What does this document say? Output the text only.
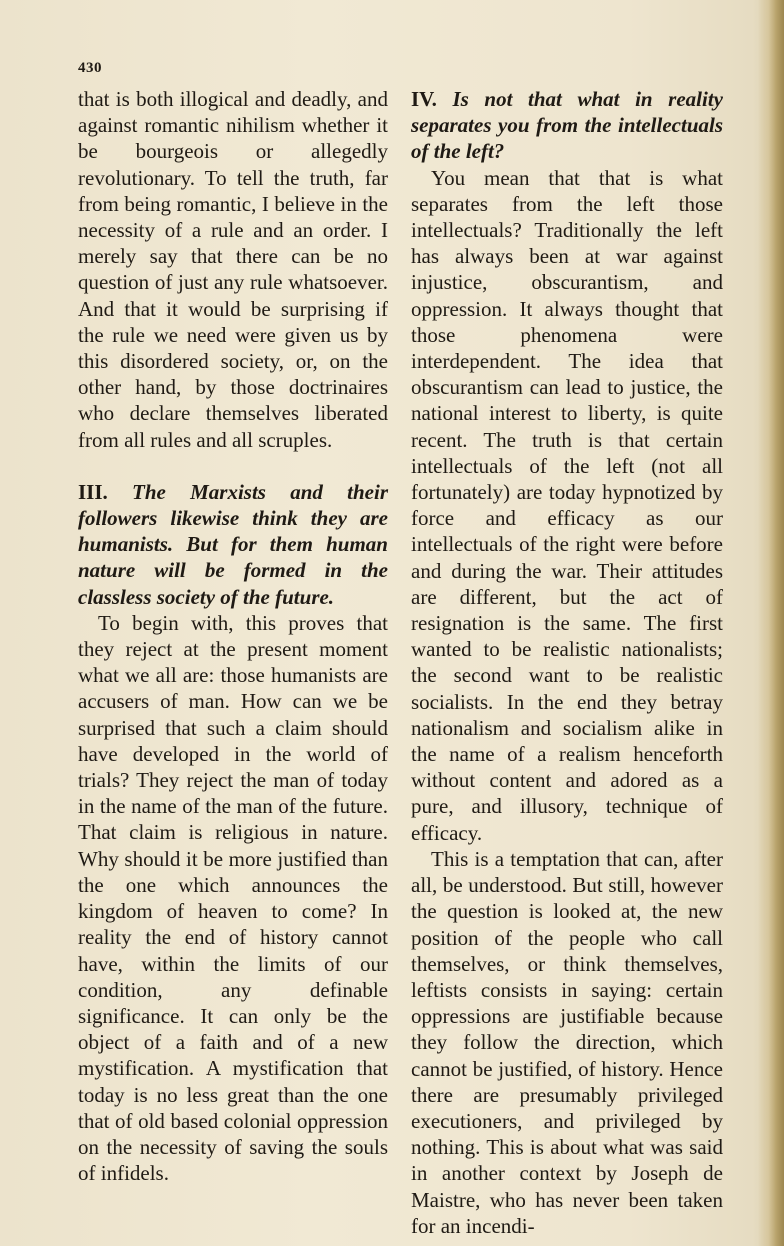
430

that is both illogical and deadly, and against romantic nihilism whether it be bourgeois or allegedly revolutionary. To tell the truth, far from being romantic, I believe in the necessity of a rule and an order. I merely say that there can be no question of just any rule whatsoever. And that it would be surprising if the rule we need were given us by this disordered society, or, on the other hand, by those doctrinaires who declare themselves liberated from all rules and all scruples.

III. The Marxists and their followers likewise think they are humanists. But for them human nature will be formed in the classless society of the future.

To begin with, this proves that they reject at the present moment what we all are: those humanists are accusers of man. How can we be surprised that such a claim should have developed in the world of trials? They reject the man of today in the name of the man of the future. That claim is religious in nature. Why should it be more justified than the one which announces the kingdom of heaven to come? In reality the end of history cannot have, within the limits of our condition, any definable significance. It can only be the object of a faith and of a new mystification. A mystification that today is no less great than the one that of old based colonial oppression on the necessity of saving the souls of infidels.

IV. Is not that what in reality separates you from the intellectuals of the left?

You mean that that is what separates from the left those intellectuals? Traditionally the left has always been at war against injustice, obscurantism, and oppression. It always thought that those phenomena were interdependent. The idea that obscurantism can lead to justice, the national interest to liberty, is quite recent. The truth is that certain intellectuals of the left (not all fortunately) are today hypnotized by force and efficacy as our intellectuals of the right were before and during the war. Their attitudes are different, but the act of resignation is the same. The first wanted to be realistic nationalists; the second want to be realistic socialists. In the end they betray nationalism and socialism alike in the name of a realism henceforth without content and adored as a pure, and illusory, technique of efficacy.

This is a temptation that can, after all, be understood. But still, however the question is looked at, the new position of the people who call themselves, or think themselves, leftists consists in saying: certain oppressions are justifiable because they follow the direction, which cannot be justified, of history. Hence there are presumably privileged executioners, and privileged by nothing. This is about what was said in another context by Joseph de Maistre, who has never been taken for an incendi-
